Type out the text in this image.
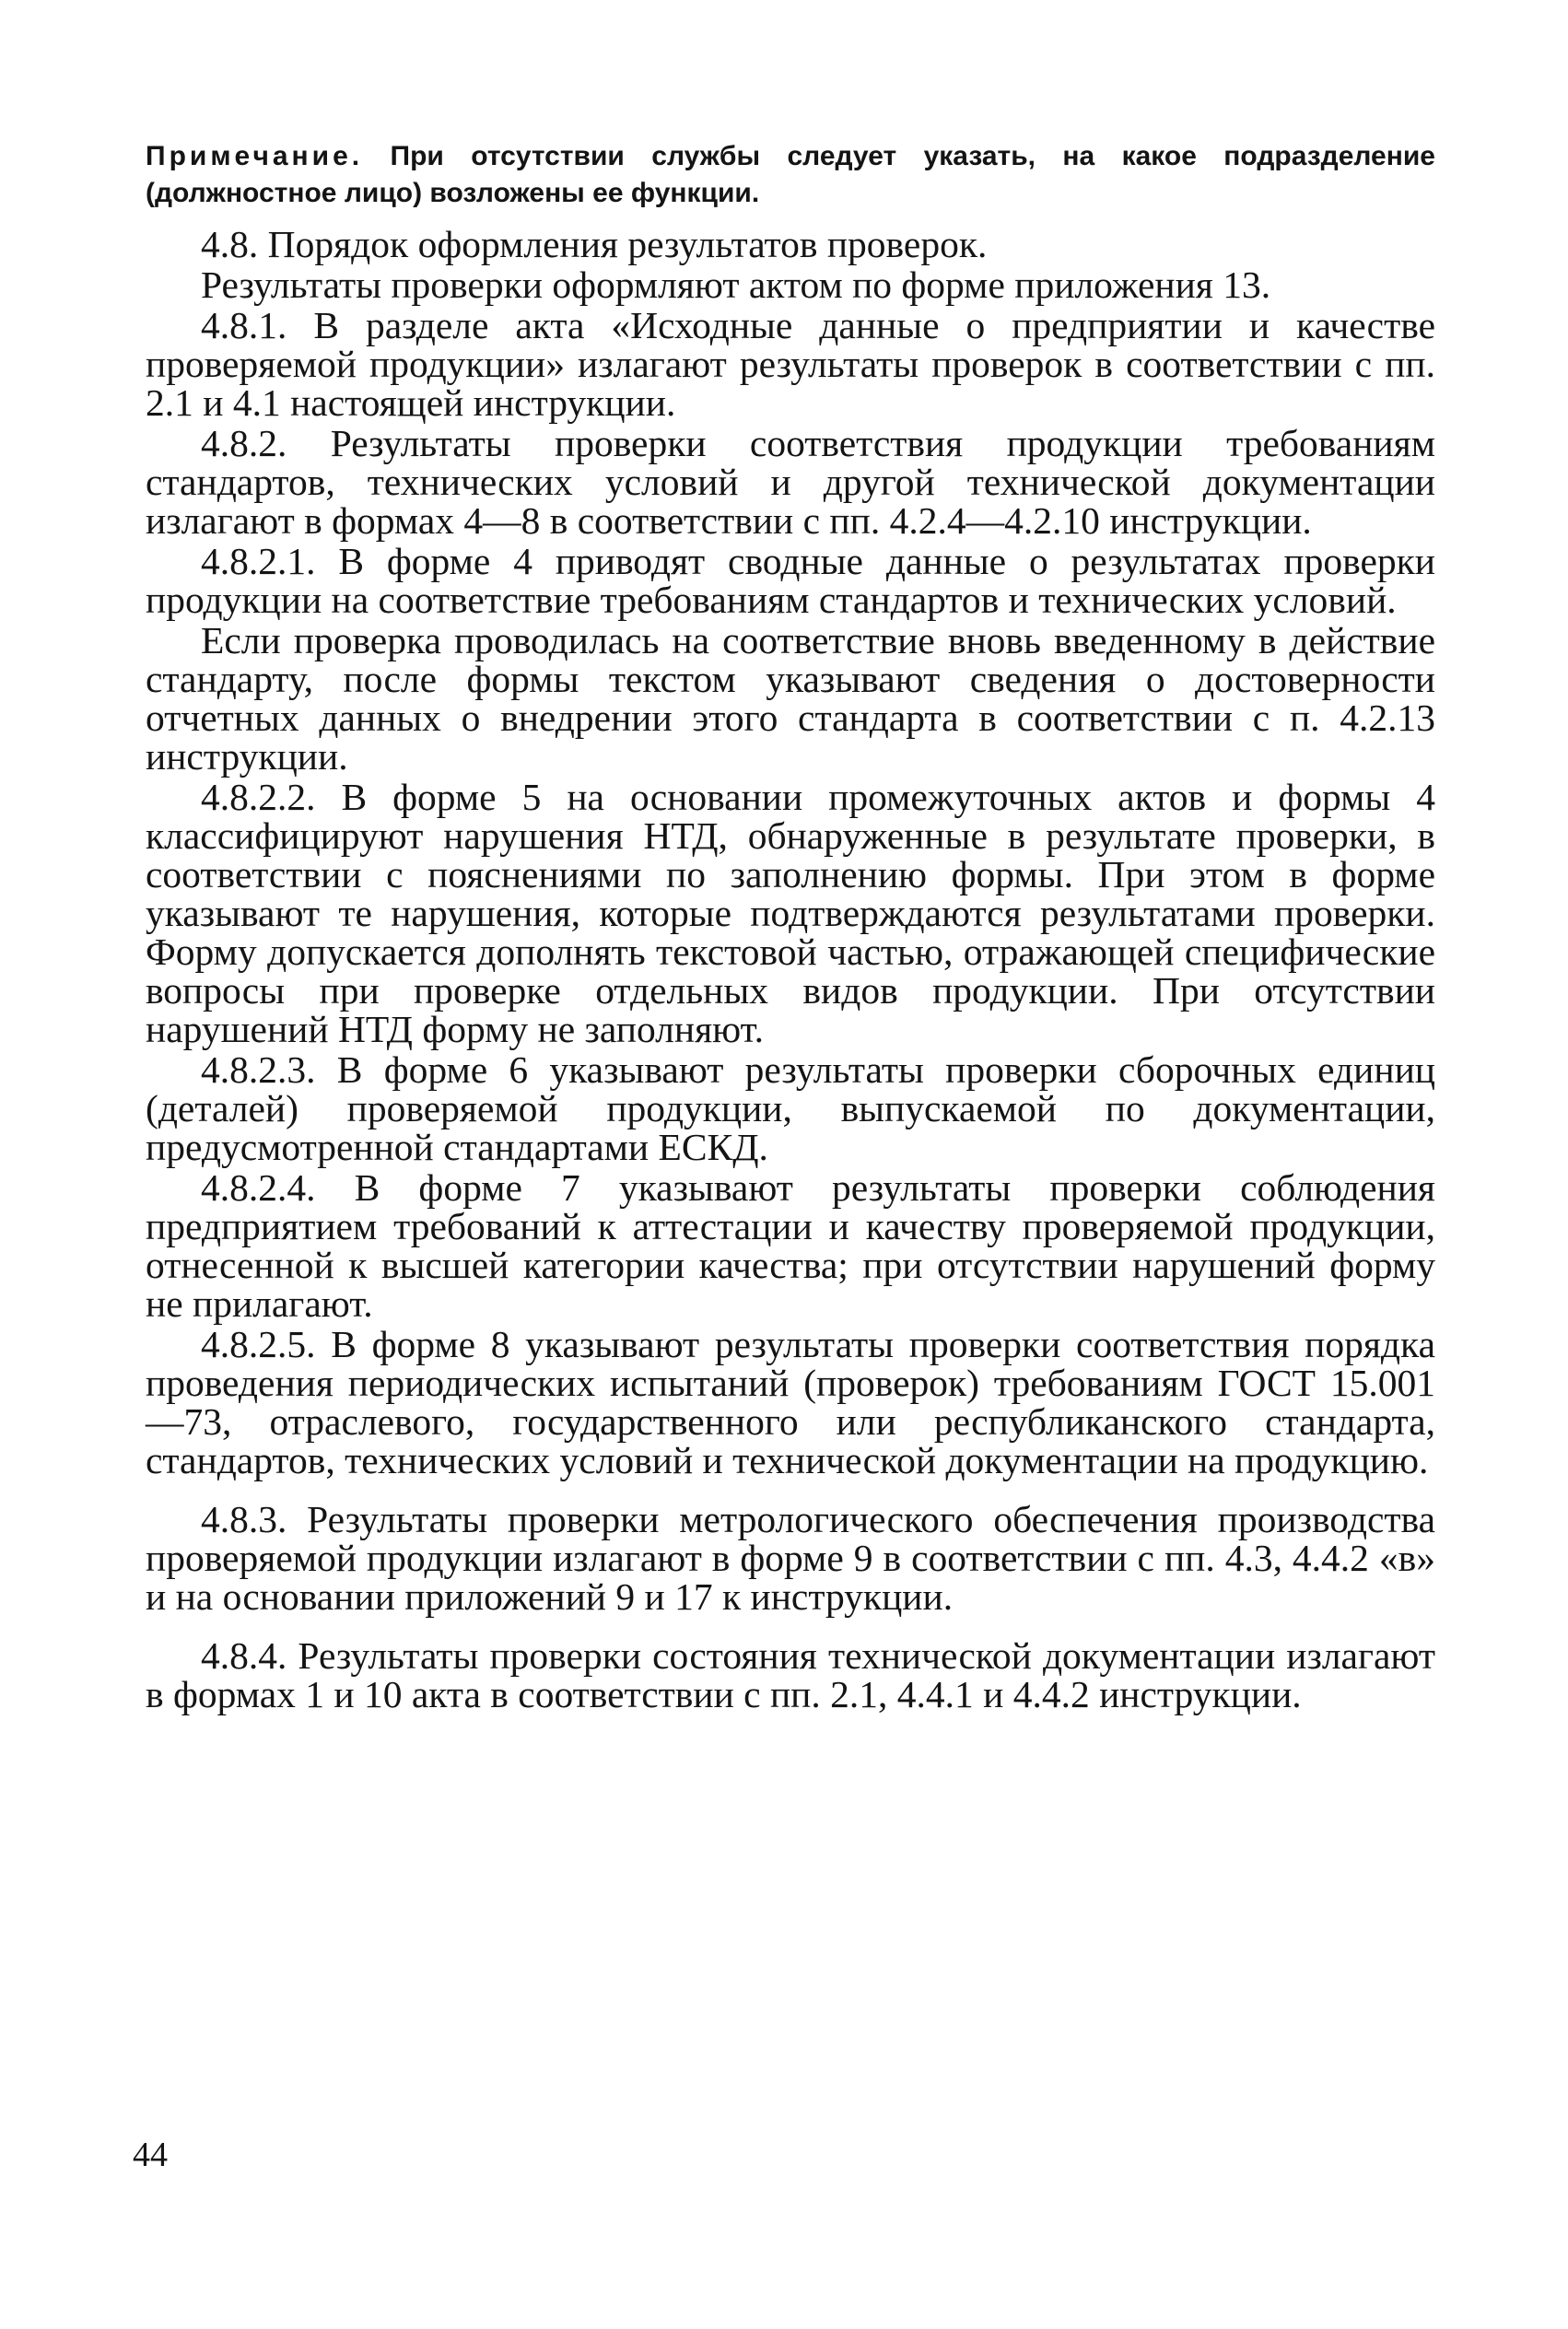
Примечание. При отсутствии службы следует указать, на какое подразделение (должностное лицо) возложены ее функции.

4.8. Порядок оформления результатов проверок.

Результаты проверки оформляют актом по форме приложения 13.

4.8.1. В разделе акта «Исходные данные о предприятии и качестве проверяемой продукции» излагают результаты проверок в соответствии с пп. 2.1 и 4.1 настоящей инструкции.

4.8.2. Результаты проверки соответствия продукции требованиям стандартов, технических условий и другой технической документации излагают в формах 4—8 в соответствии с пп. 4.2.4—4.2.10 инструкции.

4.8.2.1. В форме 4 приводят сводные данные о результатах проверки продукции на соответствие требованиям стандартов и технических условий.

Если проверка проводилась на соответствие вновь введенному в действие стандарту, после формы текстом указывают сведения о достоверности отчетных данных о внедрении этого стандарта в соответствии с п. 4.2.13 инструкции.

4.8.2.2. В форме 5 на основании промежуточных актов и формы 4 классифицируют нарушения НТД, обнаруженные в результате проверки, в соответствии с пояснениями по заполнению формы. При этом в форме указывают те нарушения, которые подтверждаются результатами проверки. Форму допускается дополнять текстовой частью, отражающей специфические вопросы при проверке отдельных видов продукции. При отсутствии нарушений НТД форму не заполняют.

4.8.2.3. В форме 6 указывают результаты проверки сборочных единиц (деталей) проверяемой продукции, выпускаемой по документации, предусмотренной стандартами ЕСКД.

4.8.2.4. В форме 7 указывают результаты проверки соблюдения предприятием требований к аттестации и качеству проверяемой продукции, отнесенной к высшей категории качества; при отсутствии нарушений форму не прилагают.

4.8.2.5. В форме 8 указывают результаты проверки соответствия порядка проведения периодических испытаний (проверок) требованиям ГОСТ 15.001—73, отраслевого, государственного или республиканского стандарта, стандартов, технических условий и технической документации на продукцию.

4.8.3. Результаты проверки метрологического обеспечения производства проверяемой продукции излагают в форме 9 в соответствии с пп. 4.3, 4.4.2 «в» и на основании приложений 9 и 17 к инструкции.

4.8.4. Результаты проверки состояния технической документации излагают в формах 1 и 10 акта в соответствии с пп. 2.1, 4.4.1 и 4.4.2 инструкции.

44
